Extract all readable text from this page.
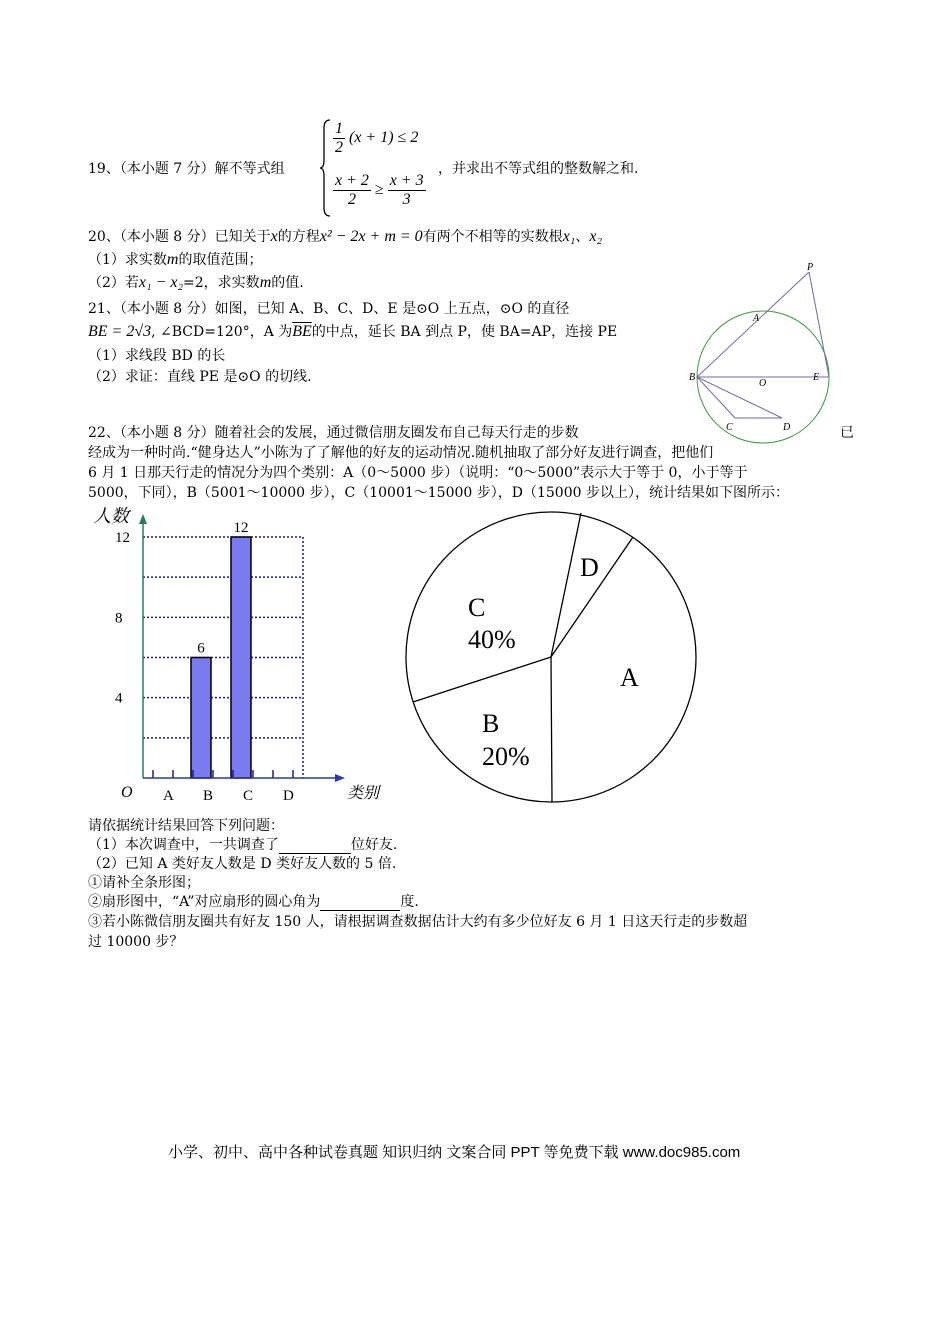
19、（本小题 7 分）解不等式组
$\frac{1}{2} (x + 1) \le 2$
$\frac{x + 2}{2} \ge \frac{x + 3}{3}$
，并求出不等式组的整数解之和.
20、（本小题 8 分）已知关于x的方程x² − 2x + m = 0有两个不相等的实数根x₁、x₂
（1）求实数m的取值范围；
（2）若x₁ − x₂=2，求实数m的值.
21、（本小题 8 分）如图，已知 A、B、C、D、E 是⊙O 上五点，⊙O 的直径
BE = 2√3, ∠BCD=120°，A 为$\overline{BE}$的中点，延长 BA 到点 P，使 BA=AP，连接 PE
（1）求线段 BD 的长
（2）求证：直线 PE 是⊙O 的切线.
P
A
B
O
E
C	D
22、（本小题 8 分）随着社会的发展，通过微信朋友圈发布自己每天行走的步数	已
经成为一种时尚.“健身达人”小陈为了了解他的好友的运动情况.随机抽取了部分好友进行调查，把他们
6 月 1 日那天行走的情况分为四个类别：A（0～5000 步）（说明：“0～5000”表示大于等于 0，小于等于
5000，下同），B（5001～10000 步），C（10001～15000 步），D（15000 步以上），统计结果如下图所示：
6
12
4
8
12
A B C D
人数
类别
O
D
C
40%
A
B
20%
请依据统计结果回答下列问题：
（1）本次调查中，一共调查了	位好友.
（2）已知 A 类好友人数是 D 类好友人数的 5 倍.
①请补全条形图；
②扇形图中，“A”对应扇形的圆心角为	度.
③若小陈微信朋友圈共有好友 150 人，请根据调查数据估计大约有多少位好友 6 月 1 日这天行走的步数超
过 10000 步？
小学、初中、高中各种试卷真题 知识归纳 文案合同 PPT 等免费下载 www.doc985.com
